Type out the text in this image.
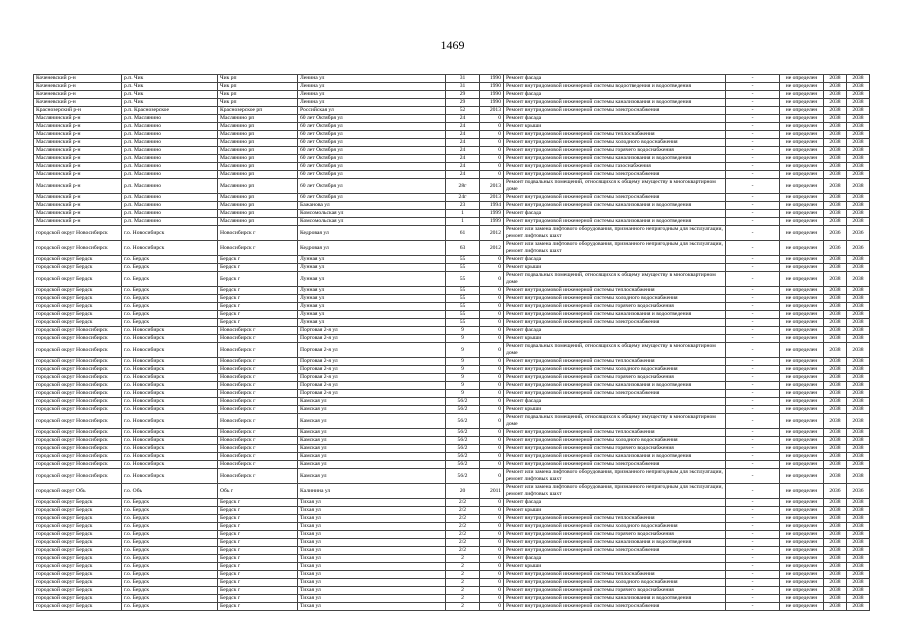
1469
Коченевский р-н	р.п. Чик	Чик рп	Ленина ул	31	1990	Ремонт фасада	-	не определен	2038	2038
Коченевский р-н	р.п. Чик	Чик рп	Ленина ул	31	1990	Ремонт внутридомовой инженерной системы водоотведения и водоотведения	-	не определен	2038	2038
Коченевский р-н	р.п. Чик	Чик рп	Ленина ул	29	1990	Ремонт фасада	-	не определен	2038	2038
Коченевский р-н	р.п. Чик	Чик рп	Ленина ул	29	1990	Ремонт внутридомовой инженерной системы канализования и водоотведения	-	не определен	2038	2038
Краснозерский р-н	р.п. Краснозерское	Краснозерское рп	Российская ул	52	2013	Ремонт внутридомовой инженерной системы электроснабжения	-	не определен	2038	2038
Маслянинский р-н	р.п. Маслянино	Маслянино рп	60 лет Октября ул	24	0	Ремонт фасада	-	не определен	2038	2038
Маслянинский р-н	р.п. Маслянино	Маслянино рп	60 лет Октября ул	24	0	Ремонт крыши	-	не определен	2038	2038
Маслянинский р-н	р.п. Маслянино	Маслянино рп	60 лет Октября ул	24	0	Ремонт внутридомовой инженерной системы теплоснабжения	-	не определен	2038	2038
Маслянинский р-н	р.п. Маслянино	Маслянино рп	60 лет Октября ул	24	0	Ремонт внутридомовой инженерной системы холодного водоснабжения	-	не определен	2038	2038
Маслянинский р-н	р.п. Маслянино	Маслянино рп	60 лет Октября ул	24	0	Ремонт внутридомовой инженерной системы горячего водоснабжения	-	не определен	2038	2038
Маслянинский р-н	р.п. Маслянино	Маслянино рп	60 лет Октября ул	24	0	Ремонт внутридомовой инженерной системы канализования и водоотведения	-	не определен	2038	2038
Маслянинский р-н	р.п. Маслянино	Маслянино рп	60 лет Октября ул	24	0	Ремонт внутридомовой инженерной системы газоснабжения	-	не определен	2038	2038
Маслянинский р-н	р.п. Маслянино	Маслянино рп	60 лет Октября ул	24	0	Ремонт внутридомовой инженерной системы электроснабжения	-	не определен	2038	2038
Маслянинский р-н	р.п. Маслянино	Маслянино рп	60 лет Октября ул	28г	2013	Ремонт подвальных помещений, относящихся к общему имуществу в многоквартирном доме	-	не определен	2038	2038
Маслянинский р-н	р.п. Маслянино	Маслянино рп	60 лет Октября ул	24г	2013	Ремонт внутридомовой инженерной системы электроснабжения	-	не определен	2038	2038
Маслянинский р-н	р.п. Маслянино	Маслянино рп	Бажанова ул	23	1994	Ремонт внутридомовой инженерной системы канализования и водоотведения	-	не определен	2038	2038
Маслянинский р-н	р.п. Маслянино	Маслянино рп	Комсомольская ул	1	1999	Ремонт фасада	-	не определен	2038	2038
Маслянинский р-н	р.п. Маслянино	Маслянино рп	Комсомольская ул	1	1999	Ремонт внутридомовой инженерной системы канализования и водоотведения	-	не определен	2038	2038
городской округ Новосибирск	г.о. Новосибирск	Новосибирск г	Кедровая ул	61	2012	Ремонт или замена лифтового оборудования, признанного непригодным для эксплуатации, ремонт лифтовых шахт	-	не определен	2036	2036
городской округ Новосибирск	г.о. Новосибирск	Новосибирск г	Кедровая ул	63	2012	Ремонт или замена лифтового оборудования, признанного непригодным для эксплуатации, ремонт лифтовых шахт	-	не определен	2036	2036
городской округ Бердск	г.о. Бердск	Бердск г	Лунная ул	55	0	Ремонт фасада	-	не определен	2038	2038
городской округ Бердск	г.о. Бердск	Бердск г	Лунная ул	55	0	Ремонт крыши	-	не определен	2038	2038
городской округ Бердск	г.о. Бердск	Бердск г	Лунная ул	55	0	Ремонт подвальных помещений, относящихся к общему имуществу в многоквартирном доме	-	не определен	2038	2038
городской округ Бердск	г.о. Бердск	Бердск г	Лунная ул	55	0	Ремонт внутридомовой инженерной системы теплоснабжения	-	не определен	2038	2038
городской округ Бердск	г.о. Бердск	Бердск г	Лунная ул	55	0	Ремонт внутридомовой инженерной системы холодного водоснабжения	-	не определен	2038	2038
городской округ Бердск	г.о. Бердск	Бердск г	Лунная ул	55	0	Ремонт внутридомовой инженерной системы горячего водоснабжения	-	не определен	2038	2038
городской округ Бердск	г.о. Бердск	Бердск г	Лунная ул	55	0	Ремонт внутридомовой инженерной системы канализования и водоотведения	-	не определен	2038	2038
городской округ Бердск	г.о. Бердск	Бердск г	Лунная ул	55	0	Ремонт внутридомовой инженерной системы электроснабжения	-	не определен	2038	2038
городской округ Новосибирск	г.о. Новосибирск	Новосибирск г	Портовая 2-я ул	9	0	Ремонт фасада	-	не определен	2038	2038
городской округ Новосибирск	г.о. Новосибирск	Новосибирск г	Портовая 2-я ул	9	0	Ремонт крыши	-	не определен	2038	2038
городской округ Новосибирск	г.о. Новосибирск	Новосибирск г	Портовая 2-я ул	9	0	Ремонт подвальных помещений, относящихся к общему имуществу в многоквартирном доме	-	не определен	2038	2038
городской округ Новосибирск	г.о. Новосибирск	Новосибирск г	Портовая 2-я ул	9	0	Ремонт внутридомовой инженерной системы теплоснабжения	-	не определен	2038	2038
городской округ Новосибирск	г.о. Новосибирск	Новосибирск г	Портовая 2-я ул	9	0	Ремонт внутридомовой инженерной системы холодного водоснабжения	-	не определен	2038	2038
городской округ Новосибирск	г.о. Новосибирск	Новосибирск г	Портовая 2-я ул	9	0	Ремонт внутридомовой инженерной системы горячего водоснабжения	-	не определен	2038	2038
городской округ Новосибирск	г.о. Новосибирск	Новосибирск г	Портовая 2-я ул	9	0	Ремонт внутридомовой инженерной системы канализования и водоотведения	-	не определен	2038	2038
городской округ Новосибирск	г.о. Новосибирск	Новосибирск г	Портовая 2-я ул	9	0	Ремонт внутридомовой инженерной системы электроснабжения	-	не определен	2038	2038
городской округ Новосибирск	г.о. Новосибирск	Новосибирск г	Камская ул	56/2	0	Ремонт фасада	-	не определен	2038	2038
городской округ Новосибирск	г.о. Новосибирск	Новосибирск г	Камская ул	56/2	0	Ремонт крыши	-	не определен	2038	2038
городской округ Новосибирск	г.о. Новосибирск	Новосибирск г	Камская ул	56/2	0	Ремонт подвальных помещений, относящихся к общему имуществу в многоквартирном доме	-	не определен	2038	2038
городской округ Новосибирск	г.о. Новосибирск	Новосибирск г	Камская ул	56/2	0	Ремонт внутридомовой инженерной системы теплоснабжения	-	не определен	2038	2038
городской округ Новосибирск	г.о. Новосибирск	Новосибирск г	Камская ул	56/2	0	Ремонт внутридомовой инженерной системы холодного водоснабжения	-	не определен	2038	2038
городской округ Новосибирск	г.о. Новосибирск	Новосибирск г	Камская ул	56/2	0	Ремонт внутридомовой инженерной системы горячего водоснабжения	-	не определен	2038	2038
городской округ Новосибирск	г.о. Новосибирск	Новосибирск г	Камская ул	56/2	0	Ремонт внутридомовой инженерной системы канализования и водоотведения	-	не определен	2038	2038
городской округ Новосибирск	г.о. Новосибирск	Новосибирск г	Камская ул	56/2	0	Ремонт внутридомовой инженерной системы электроснабжения	-	не определен	2038	2038
городской округ Новосибирск	г.о. Новосибирск	Новосибирск г	Камская ул	56/2	0	Ремонт или замена лифтового оборудования, признанного непригодным для эксплуатации, ремонт лифтовых шахт	-	не определен	2038	2038
городской округ Обь	г.о. Обь	Обь г	Калинина ул	20	2011	Ремонт или замена лифтового оборудования, признанного непригодным для эксплуатации, ремонт лифтовых шахт	-	не определен	2036	2036
городской округ Бердск	г.о. Бердск	Бердск г	Тихая ул	2/2	0	Ремонт фасада	-	не определен	2038	2038
городской округ Бердск	г.о. Бердск	Бердск г	Тихая ул	2/2	0	Ремонт крыши	-	не определен	2038	2038
городской округ Бердск	г.о. Бердск	Бердск г	Тихая ул	2/2	0	Ремонт внутридомовой инженерной системы теплоснабжения	-	не определен	2038	2038
городской округ Бердск	г.о. Бердск	Бердск г	Тихая ул	2/2	0	Ремонт внутридомовой инженерной системы холодного водоснабжения	-	не определен	2038	2038
городской округ Бердск	г.о. Бердск	Бердск г	Тихая ул	2/2	0	Ремонт внутридомовой инженерной системы горячего водоснабжения	-	не определен	2038	2038
городской округ Бердск	г.о. Бердск	Бердск г	Тихая ул	2/2	0	Ремонт внутридомовой инженерной системы канализования и водоотведения	-	не определен	2038	2038
городской округ Бердск	г.о. Бердск	Бердск г	Тихая ул	2/2	0	Ремонт внутридомовой инженерной системы электроснабжения	-	не определен	2038	2038
городской округ Бердск	г.о. Бердск	Бердск г	Тихая ул	2	0	Ремонт фасада	-	не определен	2038	2038
городской округ Бердск	г.о. Бердск	Бердск г	Тихая ул	2	0	Ремонт крыши	-	не определен	2038	2038
городской округ Бердск	г.о. Бердск	Бердск г	Тихая ул	2	0	Ремонт внутридомовой инженерной системы теплоснабжения	-	не определен	2038	2038
городской округ Бердск	г.о. Бердск	Бердск г	Тихая ул	2	0	Ремонт внутридомовой инженерной системы холодного водоснабжения	-	не определен	2038	2038
городской округ Бердск	г.о. Бердск	Бердск г	Тихая ул	2	0	Ремонт внутридомовой инженерной системы горячего водоснабжения	-	не определен	2038	2038
городской округ Бердск	г.о. Бердск	Бердск г	Тихая ул	2	0	Ремонт внутридомовой инженерной системы канализования и водоотведения	-	не определен	2038	2038
городской округ Бердск	г.о. Бердск	Бердск г	Тихая ул	2	0	Ремонт внутридомовой инженерной системы электроснабжения	-	не определен	2038	2038
